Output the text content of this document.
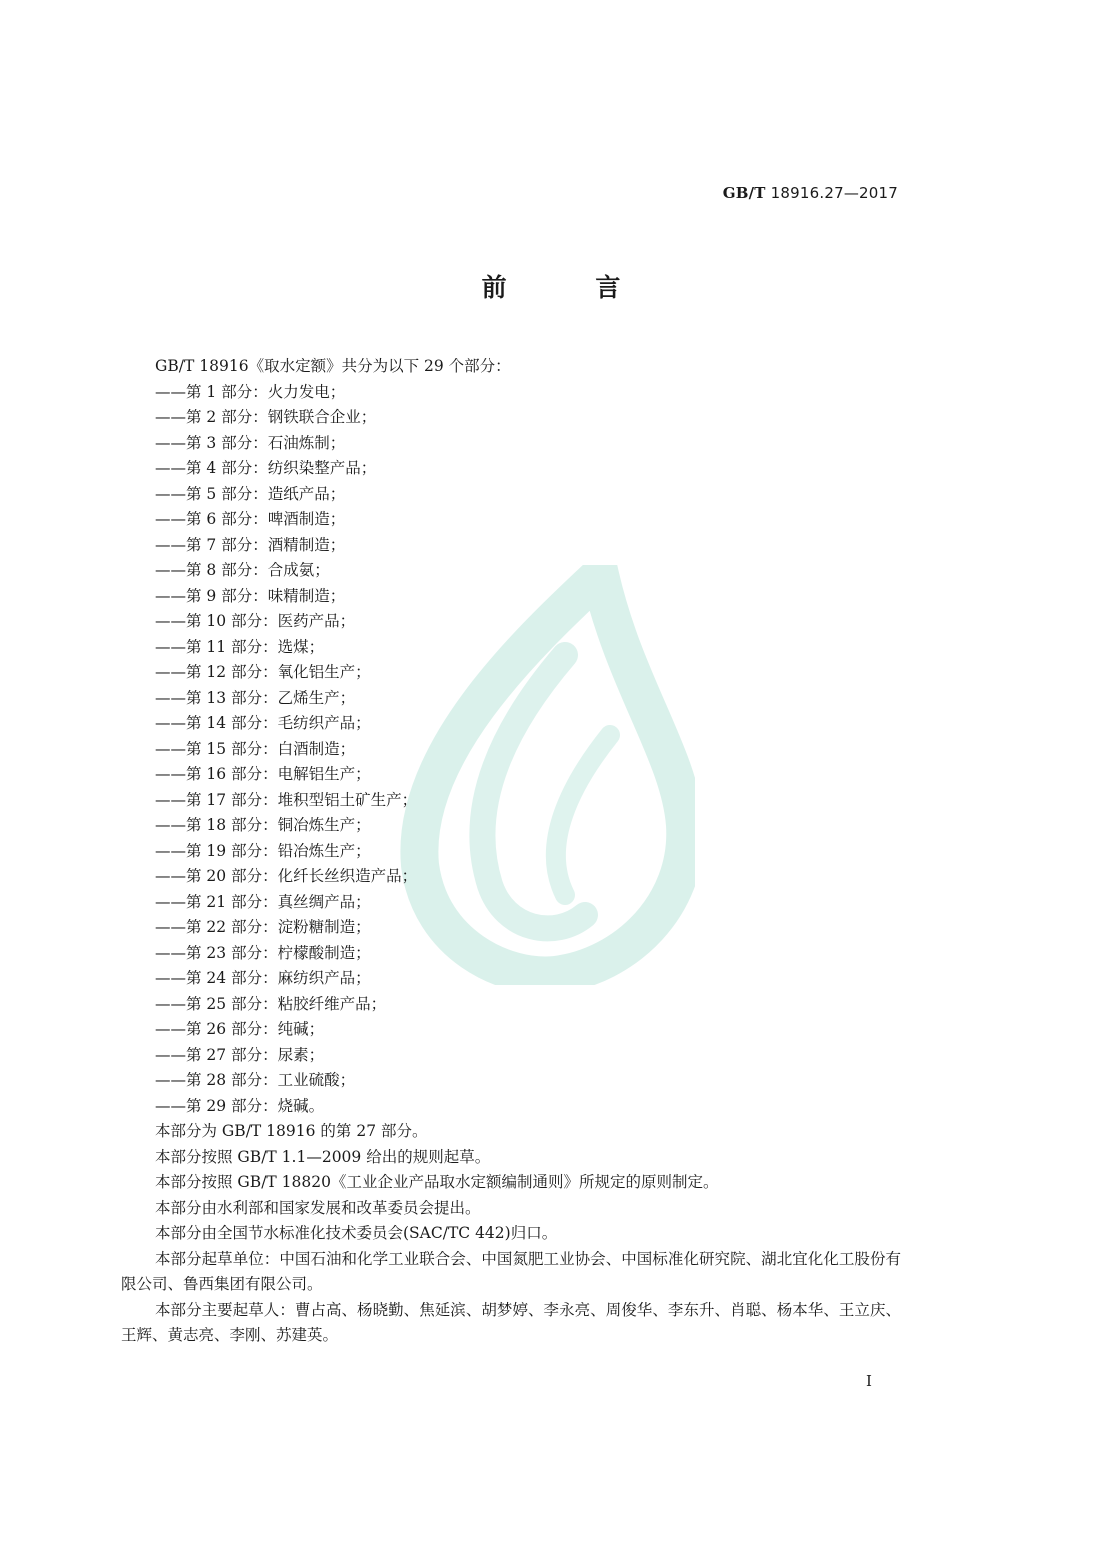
GB/T 18916.27—2017
前 言
GB/T 18916《取水定额》共分为以下 29 个部分：
——第 1 部分：火力发电；
——第 2 部分：钢铁联合企业；
——第 3 部分：石油炼制；
——第 4 部分：纺织染整产品；
——第 5 部分：造纸产品；
——第 6 部分：啤酒制造；
——第 7 部分：酒精制造；
——第 8 部分：合成氨；
——第 9 部分：味精制造；
——第 10 部分：医药产品；
——第 11 部分：选煤；
——第 12 部分：氧化铝生产；
——第 13 部分：乙烯生产；
——第 14 部分：毛纺织产品；
——第 15 部分：白酒制造；
——第 16 部分：电解铝生产；
——第 17 部分：堆积型铝土矿生产；
——第 18 部分：铜冶炼生产；
——第 19 部分：铅冶炼生产；
——第 20 部分：化纤长丝织造产品；
——第 21 部分：真丝绸产品；
——第 22 部分：淀粉糖制造；
——第 23 部分：柠檬酸制造；
——第 24 部分：麻纺织产品；
——第 25 部分：粘胶纤维产品；
——第 26 部分：纯碱；
——第 27 部分：尿素；
——第 28 部分：工业硫酸；
——第 29 部分：烧碱。
本部分为 GB/T 18916 的第 27 部分。
本部分按照 GB/T 1.1—2009 给出的规则起草。
本部分按照 GB/T 18820《工业企业产品取水定额编制通则》所规定的原则制定。
本部分由水利部和国家发展和改革委员会提出。
本部分由全国节水标准化技术委员会(SAC/TC 442)归口。
本部分起草单位：中国石油和化学工业联合会、中国氮肥工业协会、中国标准化研究院、湖北宜化化工股份有限公司、鲁西集团有限公司。
本部分主要起草人：曹占高、杨晓勤、焦延滨、胡梦婷、李永亮、周俊华、李东升、肖聪、杨本华、王立庆、王辉、黄志亮、李刚、苏建英。
I
